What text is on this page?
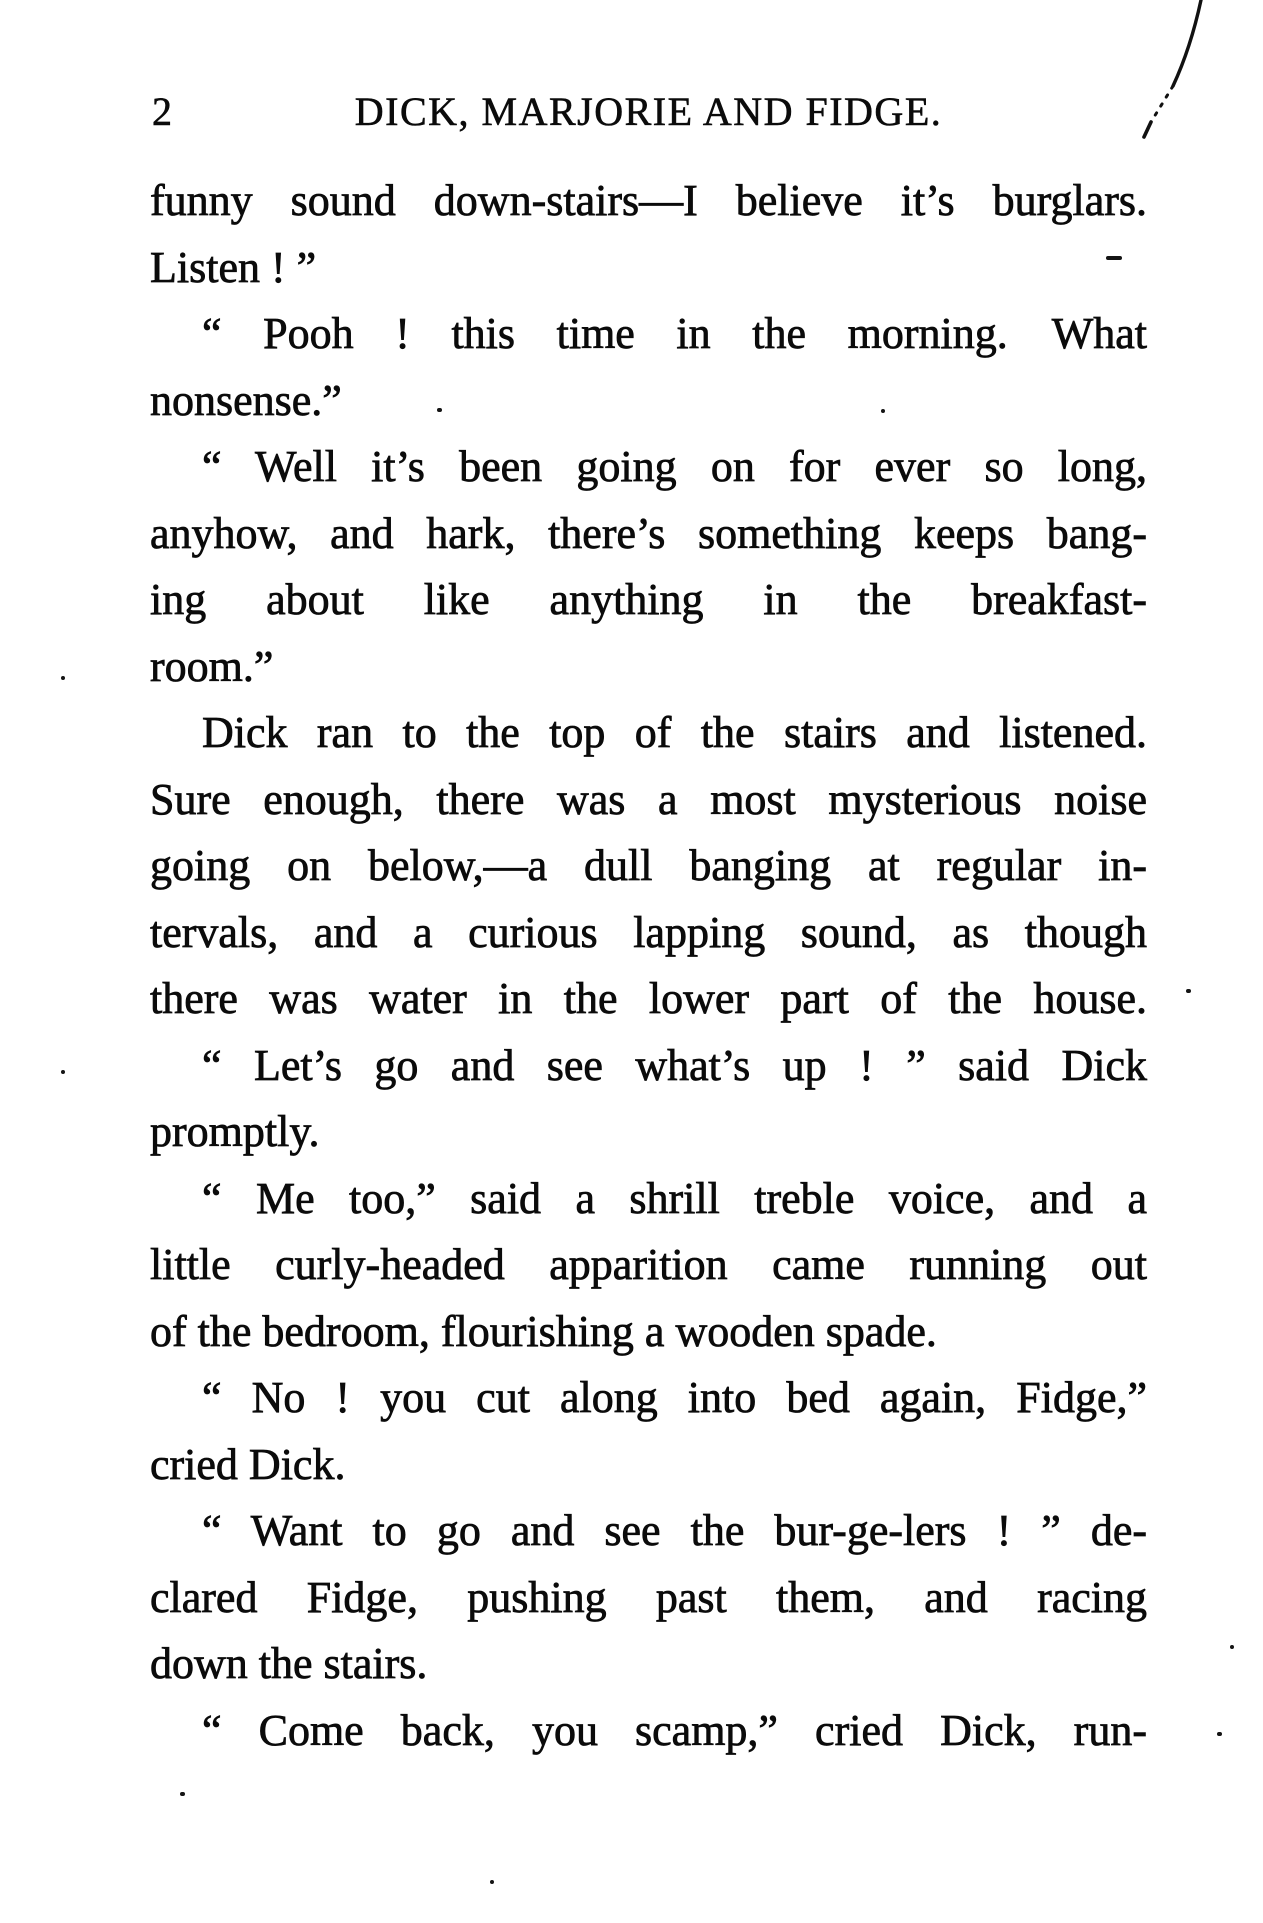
2	DICK, MARJORIE AND FIDGE.
funny sound down-stairs—I believe it’s burglars.
Listen ! ”
“ Pooh ! this time in the morning. What
nonsense.”
“ Well it’s been going on for ever so long,
anyhow, and hark, there’s something keeps bang-
ing about like anything in the breakfast-
room.”
Dick ran to the top of the stairs and listened.
Sure enough, there was a most mysterious noise
going on below,—a dull banging at regular in-
tervals, and a curious lapping sound, as though
there was water in the lower part of the house.
“ Let’s go and see what’s up ! ” said Dick
promptly.
“ Me too,” said a shrill treble voice, and a
little curly-headed apparition came running out
of the bedroom, flourishing a wooden spade.
“ No ! you cut along into bed again, Fidge,”
cried Dick.
“ Want to go and see the bur-ge-lers ! ” de-
clared Fidge, pushing past them, and racing
down the stairs.
“ Come back, you scamp,” cried Dick, run-
